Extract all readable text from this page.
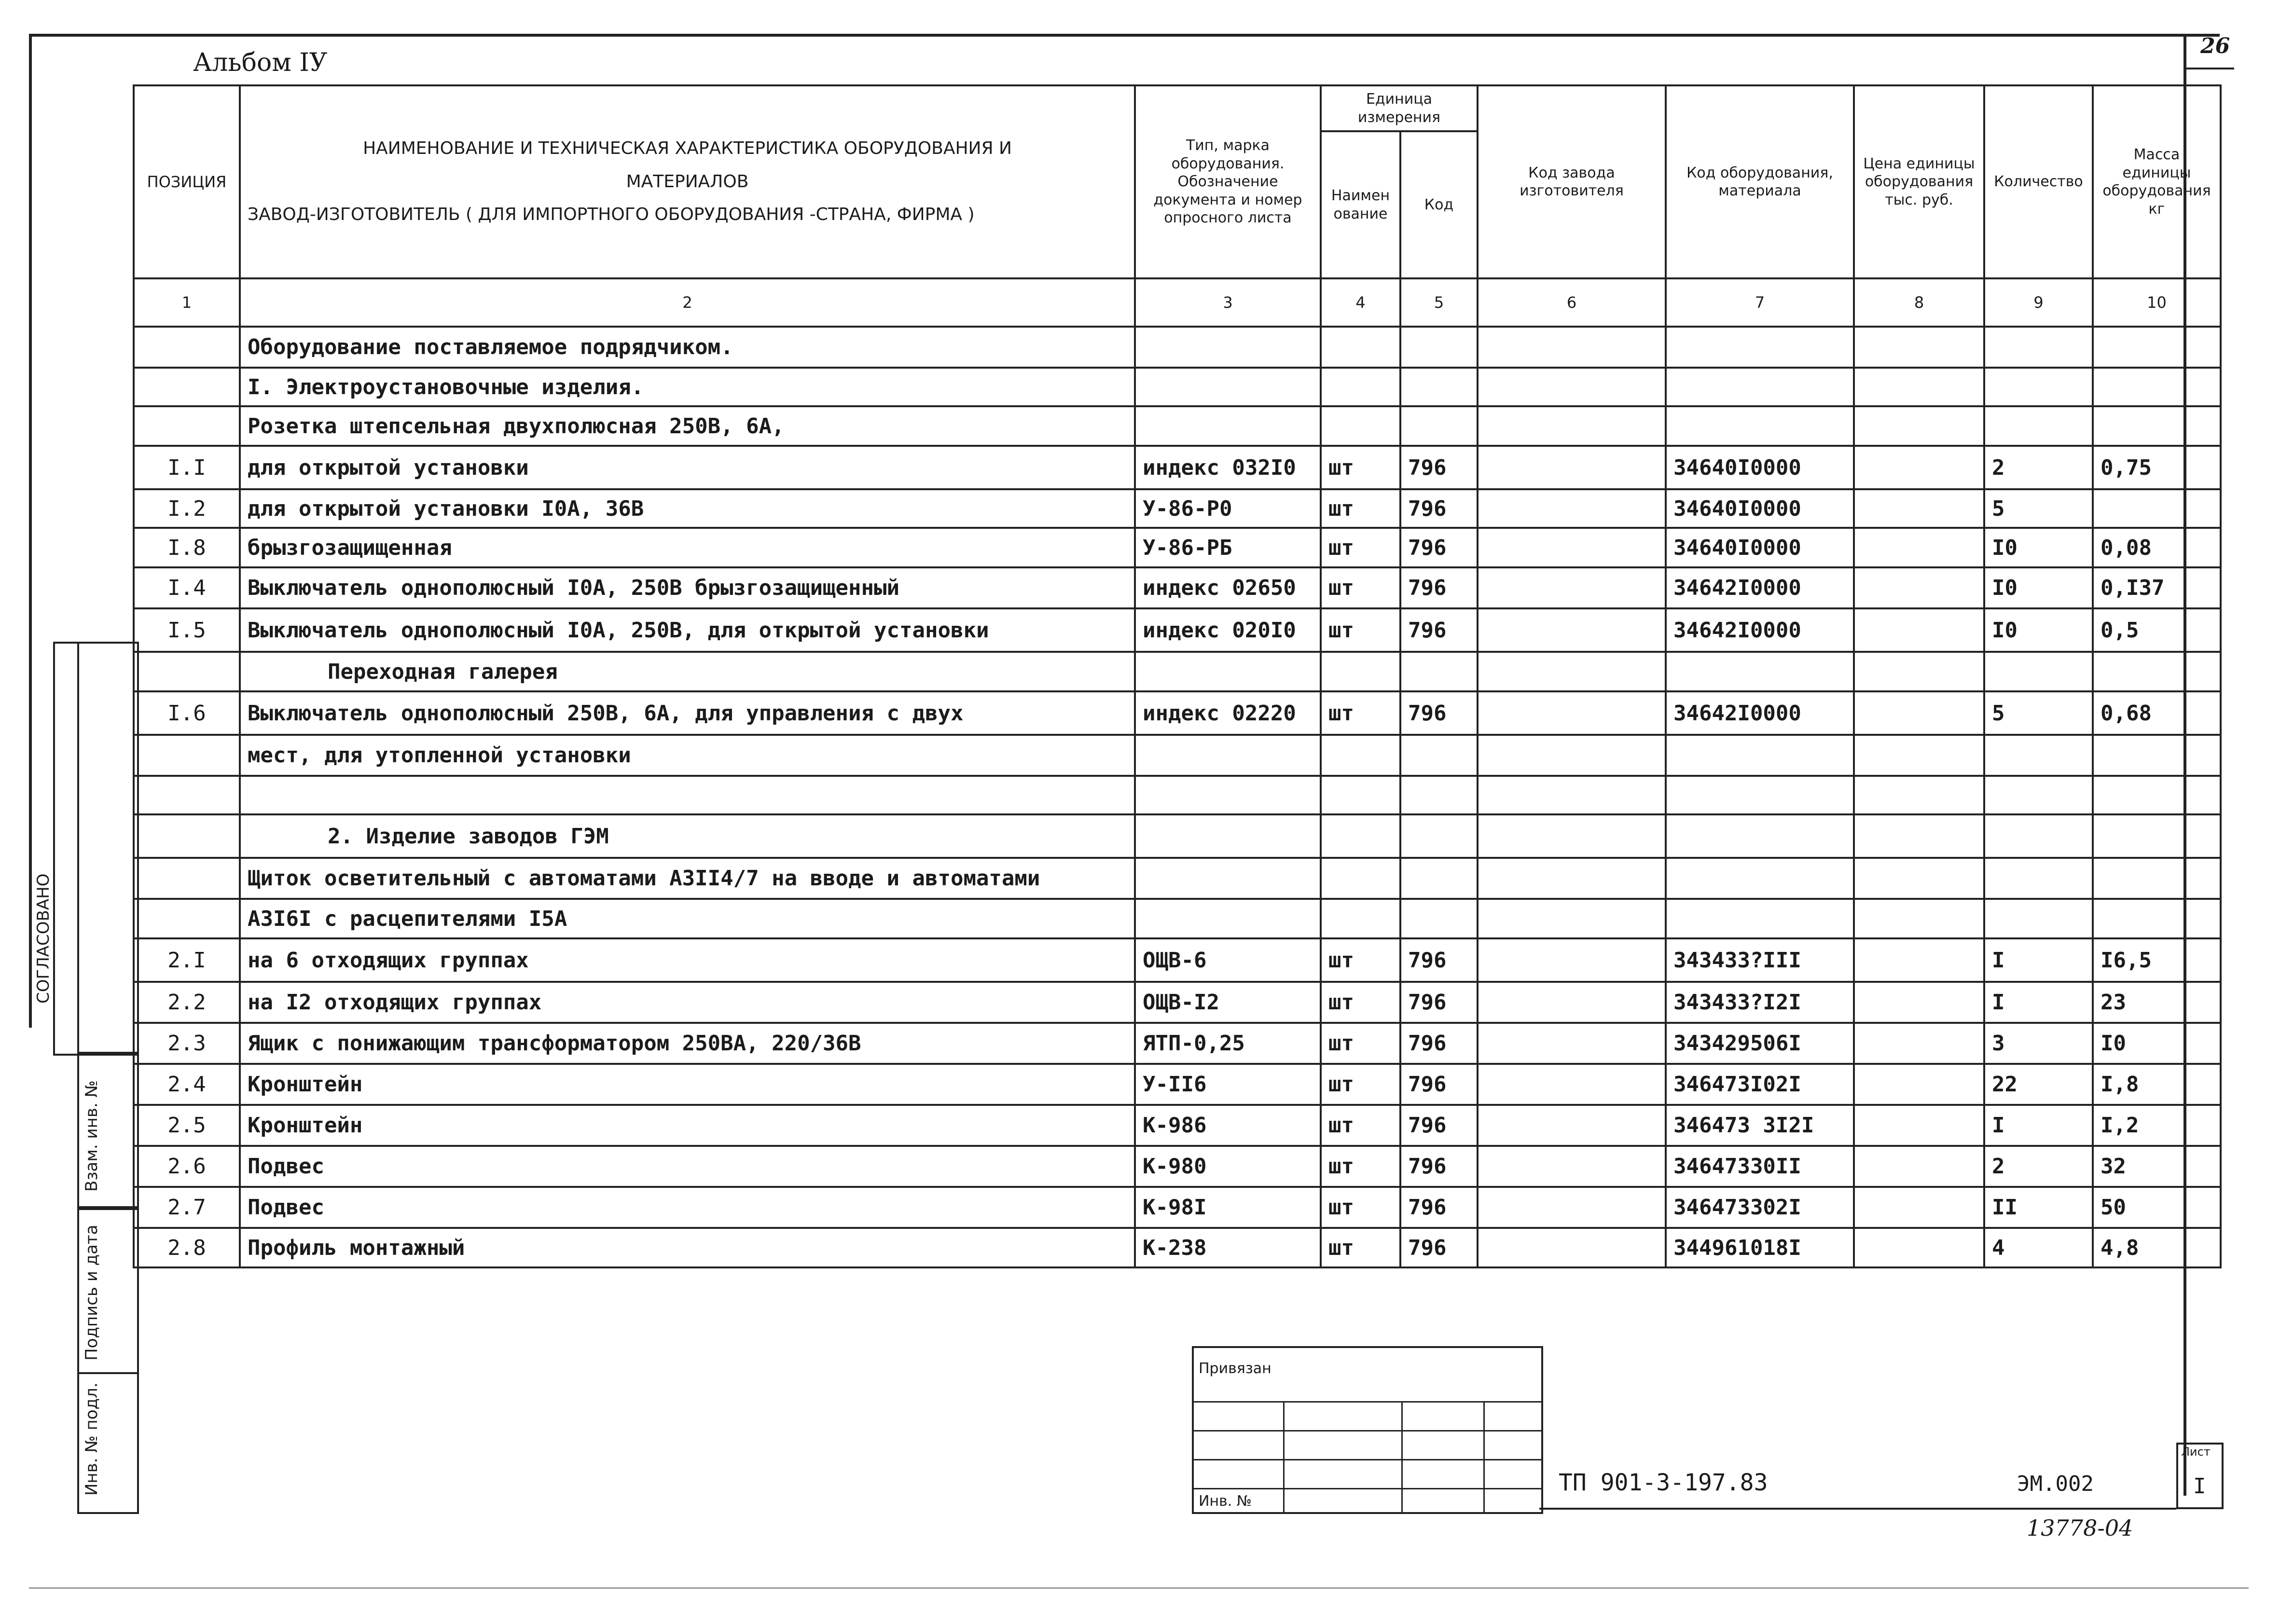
Альбом IУ
26
ПОЗИЦИЯ	НАИМЕНОВАНИЕ И ТЕХНИЧЕСКАЯ ХАРАКТЕРИСТИКА ОБОРУДОВАНИЯ И
МАТЕРИАЛОВ
ЗАВОД-ИЗГОТОВИТЕЛЬ ( ДЛЯ ИМПОРТНОГО ОБОРУДОВАНИЯ -СТРАНА, ФИРМА )	Тип, марка оборудования. Обозначение документа и номер опросного листа	Единица измерения		Код завода изготовителя	Код оборудования, материала	Цена единицы оборудования тыс. руб.	Количество	Масса единицы оборудования кг
			Наименование	Код					
1	2	3	4	5	6	7	8	9	10
	Оборудование поставляемое подрядчиком.								
	I. Электроустановочные изделия.								
	Розетка штепсельная двухполюсная 250В, 6А,								
I.I	для открытой установки	индекс 032I0	шт	796		34640I0000		2	0,75
I.2	для открытой установки I0А, 36В	У-86-Р0	шт	796		34640I0000		5	
I.8	брызгозащищенная	У-86-РБ	шт	796		34640I0000		I0	0,08
I.4	Выключатель однополюсный I0А, 250В брызгозащищенный	индекс 02650	шт	796		34642I0000		I0	0,I37
I.5	Выключатель однополюсный I0А, 250В, для открытой установки	индекс 020I0	шт	796		34642I0000		I0	0,5
	Переходная галерея								
I.6	Выключатель однополюсный 250В, 6А, для управления с двух	индекс 02220	шт	796		34642I0000		5	0,68
	мест, для утопленной установки								

	2. Изделие заводов ГЭМ								
	Щиток осветительный с автоматами АЗII4/7 на вводе и автоматами								
	А3I6I с расцепителями I5А								
2.I	на 6 отходящих группах	ОЩВ-6	шт	796		343433?III		I	I6,5
2.2	на I2 отходящих группах	ОЩВ-I2	шт	796		343433?I2I		I	23
2.3	Ящик с понижающим трансформатором 250ВА, 220/36В	ЯТП-0,25	шт	796		343429506I		3	I0
2.4	Кронштейн	У-II6	шт	796		346473I02I		22	I,8
2.5	Кронштейн	К-986	шт	796		346473 3I2I		I	I,2
2.6	Подвес	К-980	шт	796		34647330II		2	32
2.7	Подвес	К-98I	шт	796		346473302I		II	50
2.8	Профиль монтажный	К-238	шт	796		344961018I		4	4,8
СОГЛАСОВАНО
Взам. инв. №
Подпись и дата
Инв. № подл.
Привязан
Инв. №
ТП 901-3-197.83	ЭМ.002
Лист
I
13778-04
